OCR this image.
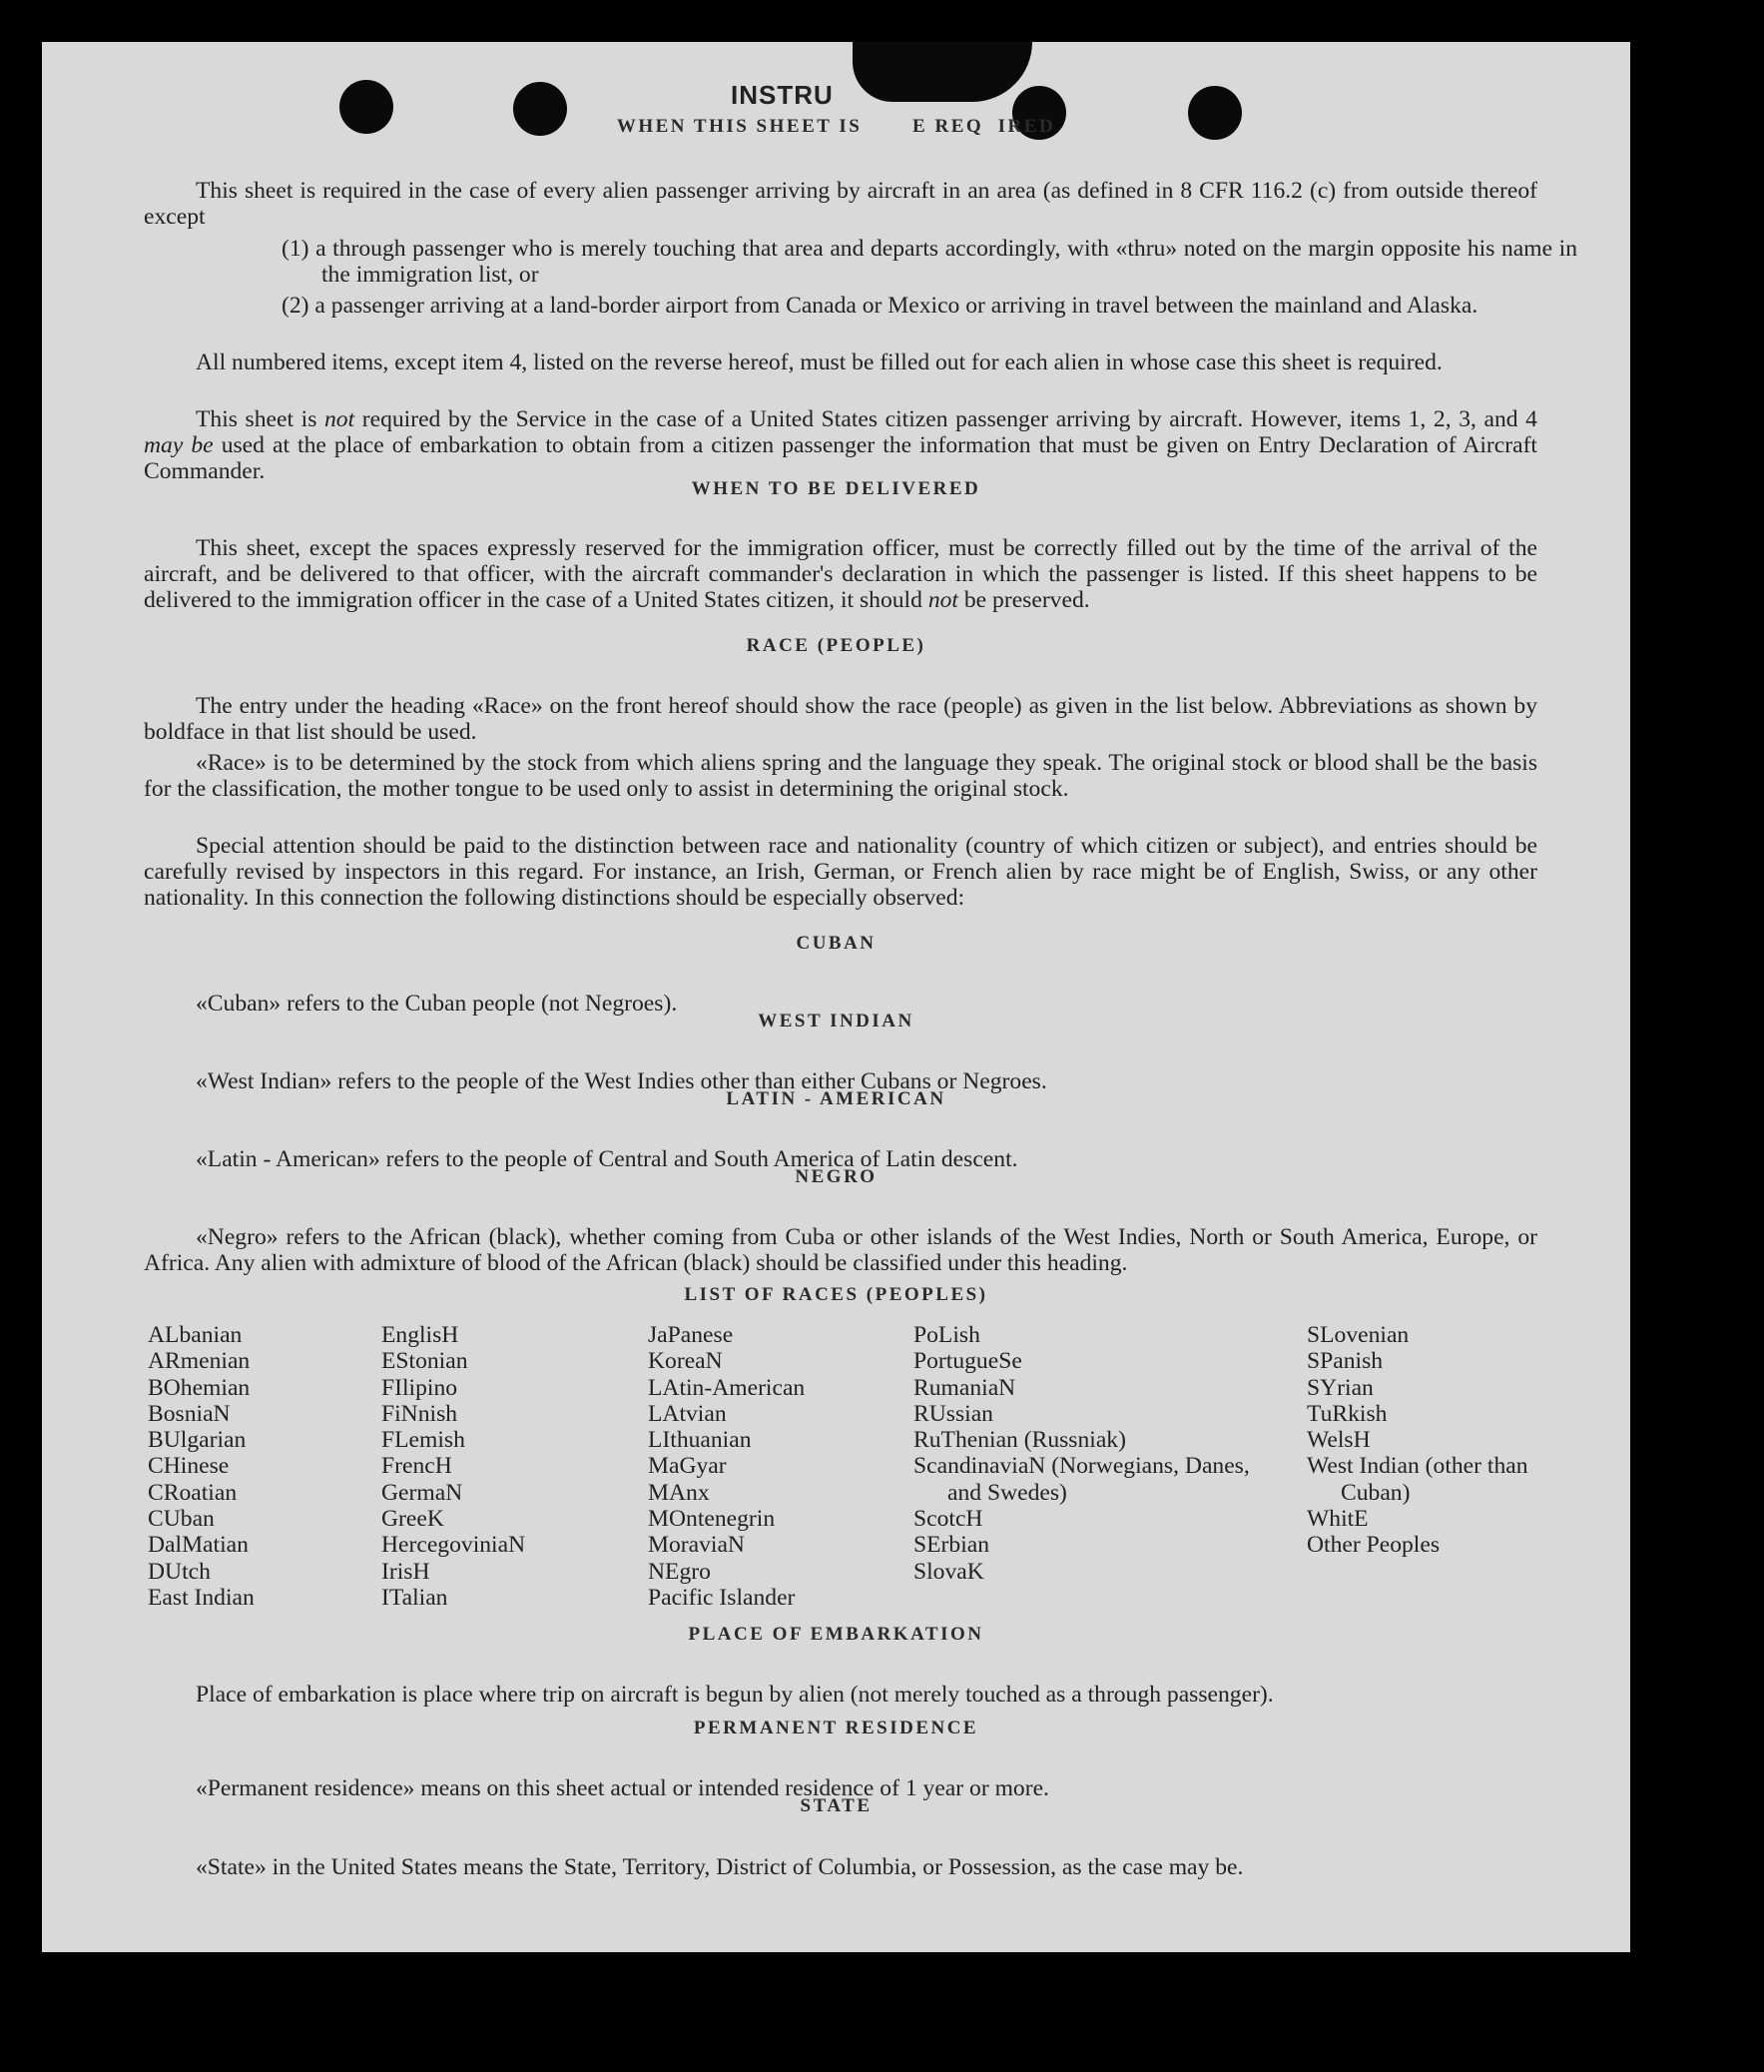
INSTRU
WHEN THIS SHEET IS	E REQ IRED

This sheet is required in the case of every alien passenger arriving by aircraft in an area (as defined in 8 CFR 116.2 (c) from outside thereof except

(1) a through passenger who is merely touching that area and departs accordingly, with «thru» noted on the margin opposite his name in the immigration list, or

(2) a passenger arriving at a land-border airport from Canada or Mexico or arriving in travel between the mainland and Alaska.

All numbered items, except item 4, listed on the reverse hereof, must be filled out for each alien in whose case this sheet is required.

This sheet is not required by the Service in the case of a United States citizen passenger arriving by aircraft. However, items 1, 2, 3, and 4 may be used at the place of embarkation to obtain from a citizen passenger the information that must be given on Entry Declaration of Aircraft Commander.

WHEN TO BE DELIVERED

This sheet, except the spaces expressly reserved for the immigration officer, must be correctly filled out by the time of the arrival of the aircraft, and be delivered to that officer, with the aircraft commander's declaration in which the passenger is listed. If this sheet happens to be delivered to the immigration officer in the case of a United States citizen, it should not be preserved.

RACE (PEOPLE)

The entry under the heading «Race» on the front hereof should show the race (people) as given in the list below. Abbreviations as shown by boldface in that list should be used.

«Race» is to be determined by the stock from which aliens spring and the language they speak. The original stock or blood shall be the basis for the classification, the mother tongue to be used only to assist in determining the original stock.

Special attention should be paid to the distinction between race and nationality (country of which citizen or subject), and entries should be carefully revised by inspectors in this regard. For instance, an Irish, German, or French alien by race might be of English, Swiss, or any other nationality. In this connection the following distinctions should be especially observed:

CUBAN

«Cuban» refers to the Cuban people (not Negroes).

WEST INDIAN

«West Indian» refers to the people of the West Indies other than either Cubans or Negroes.

LATIN - AMERICAN

«Latin - American» refers to the people of Central and South America of Latin descent.

NEGRO

«Negro» refers to the African (black), whether coming from Cuba or other islands of the West Indies, North or South America, Europe, or Africa. Any alien with admixture of blood of the African (black) should be classified under this heading.

LIST OF RACES (PEOPLES)
ALbanian
ARmenian
BOhemian
BosniaN
BUlgarian
CHinese
CRoatian
CUban
DalMatian
DUtch
East Indian
EnglisH
EStonian
FIlipino
FiNnish
FLemish
FrencH
GermaN
GreeK
HercegoviniaN
IrisH
ITalian
JaPanese
KoreaN
LAtin-American
LAtvian
LIthuanian
MaGyar
MAnx
MOntenegrin
MoraviaN
NEgro
Pacific Islander
PoLish
PortugueSe
RumaniaN
RUssian
RuThenian (Russniak)
ScandinaviaN (Norwegians, Danes, and Swedes)
ScotcH
SErbian
SlovaK
SLovenian
SPanish
SYrian
TuRkish
WelsH
West Indian (other than Cuban)
WhitE
Other Peoples
PLACE OF EMBARKATION

Place of embarkation is place where trip on aircraft is begun by alien (not merely touched as a through passenger).

PERMANENT RESIDENCE

«Permanent residence» means on this sheet actual or intended residence of 1 year or more.

STATE

«State» in the United States means the State, Territory, District of Columbia, or Possession, as the case may be.
